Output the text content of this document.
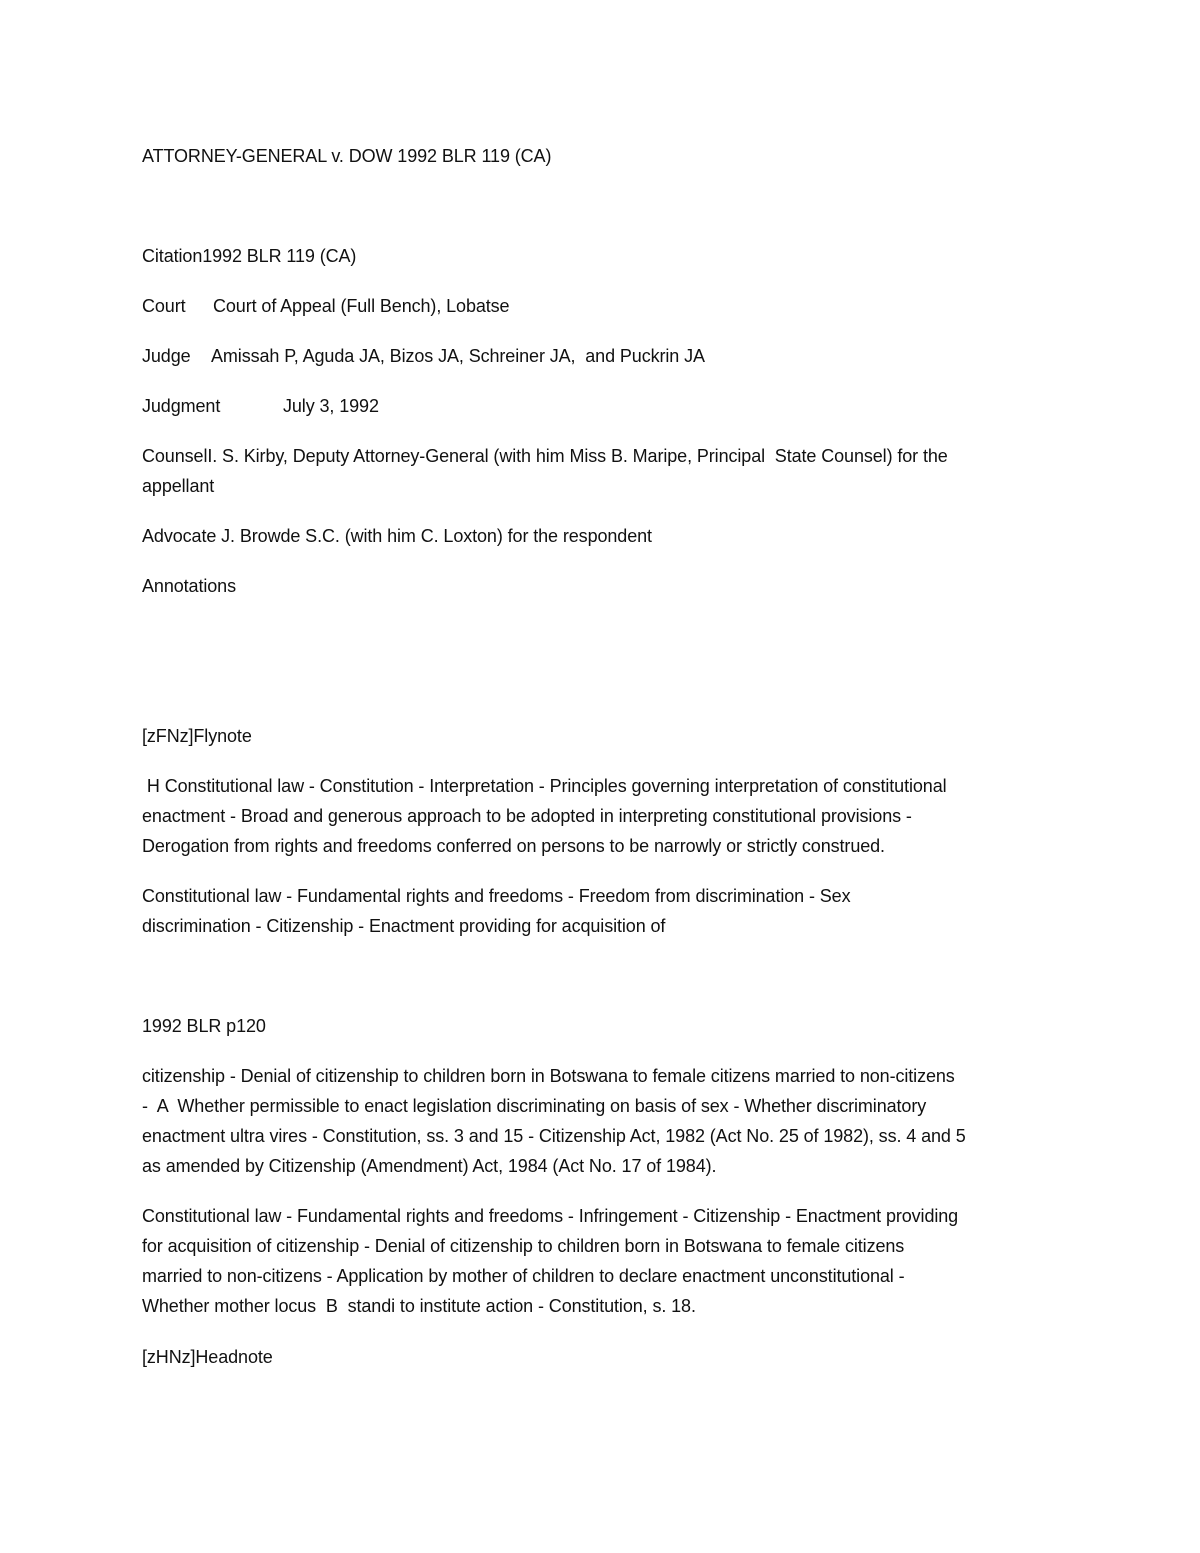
ATTORNEY-GENERAL v. DOW 1992 BLR 119 (CA)
Citation1992 BLR 119 (CA)
Court Court of Appeal (Full Bench), Lobatse
Judge Amissah P, Aguda JA, Bizos JA, Schreiner JA,  and Puckrin JA
Judgment	July 3, 1992
CounselI. S. Kirby, Deputy Attorney-General (with him Miss B. Maripe, Principal  State Counsel) for the
appellant
Advocate J. Browde S.C. (with him C. Loxton) for the respondent
Annotations
[zFNz]Flynote
H Constitutional law - Constitution - Interpretation - Principles governing interpretation of constitutional
enactment - Broad and generous approach to be adopted in interpreting constitutional provisions -
Derogation from rights and freedoms conferred on persons to be narrowly or strictly construed.
Constitutional law - Fundamental rights and freedoms - Freedom from discrimination - Sex
discrimination - Citizenship - Enactment providing for acquisition of
1992 BLR p120
citizenship - Denial of citizenship to children born in Botswana to female citizens married to non-citizens
-  A  Whether permissible to enact legislation discriminating on basis of sex - Whether discriminatory
enactment ultra vires - Constitution, ss. 3 and 15 - Citizenship Act, 1982 (Act No. 25 of 1982), ss. 4 and 5
as amended by Citizenship (Amendment) Act, 1984 (Act No. 17 of 1984).
Constitutional law - Fundamental rights and freedoms - Infringement - Citizenship - Enactment providing
for acquisition of citizenship - Denial of citizenship to children born in Botswana to female citizens
married to non-citizens - Application by mother of children to declare enactment unconstitutional -
Whether mother locus  B  standi to institute action - Constitution, s. 18.
[zHNz]Headnote
